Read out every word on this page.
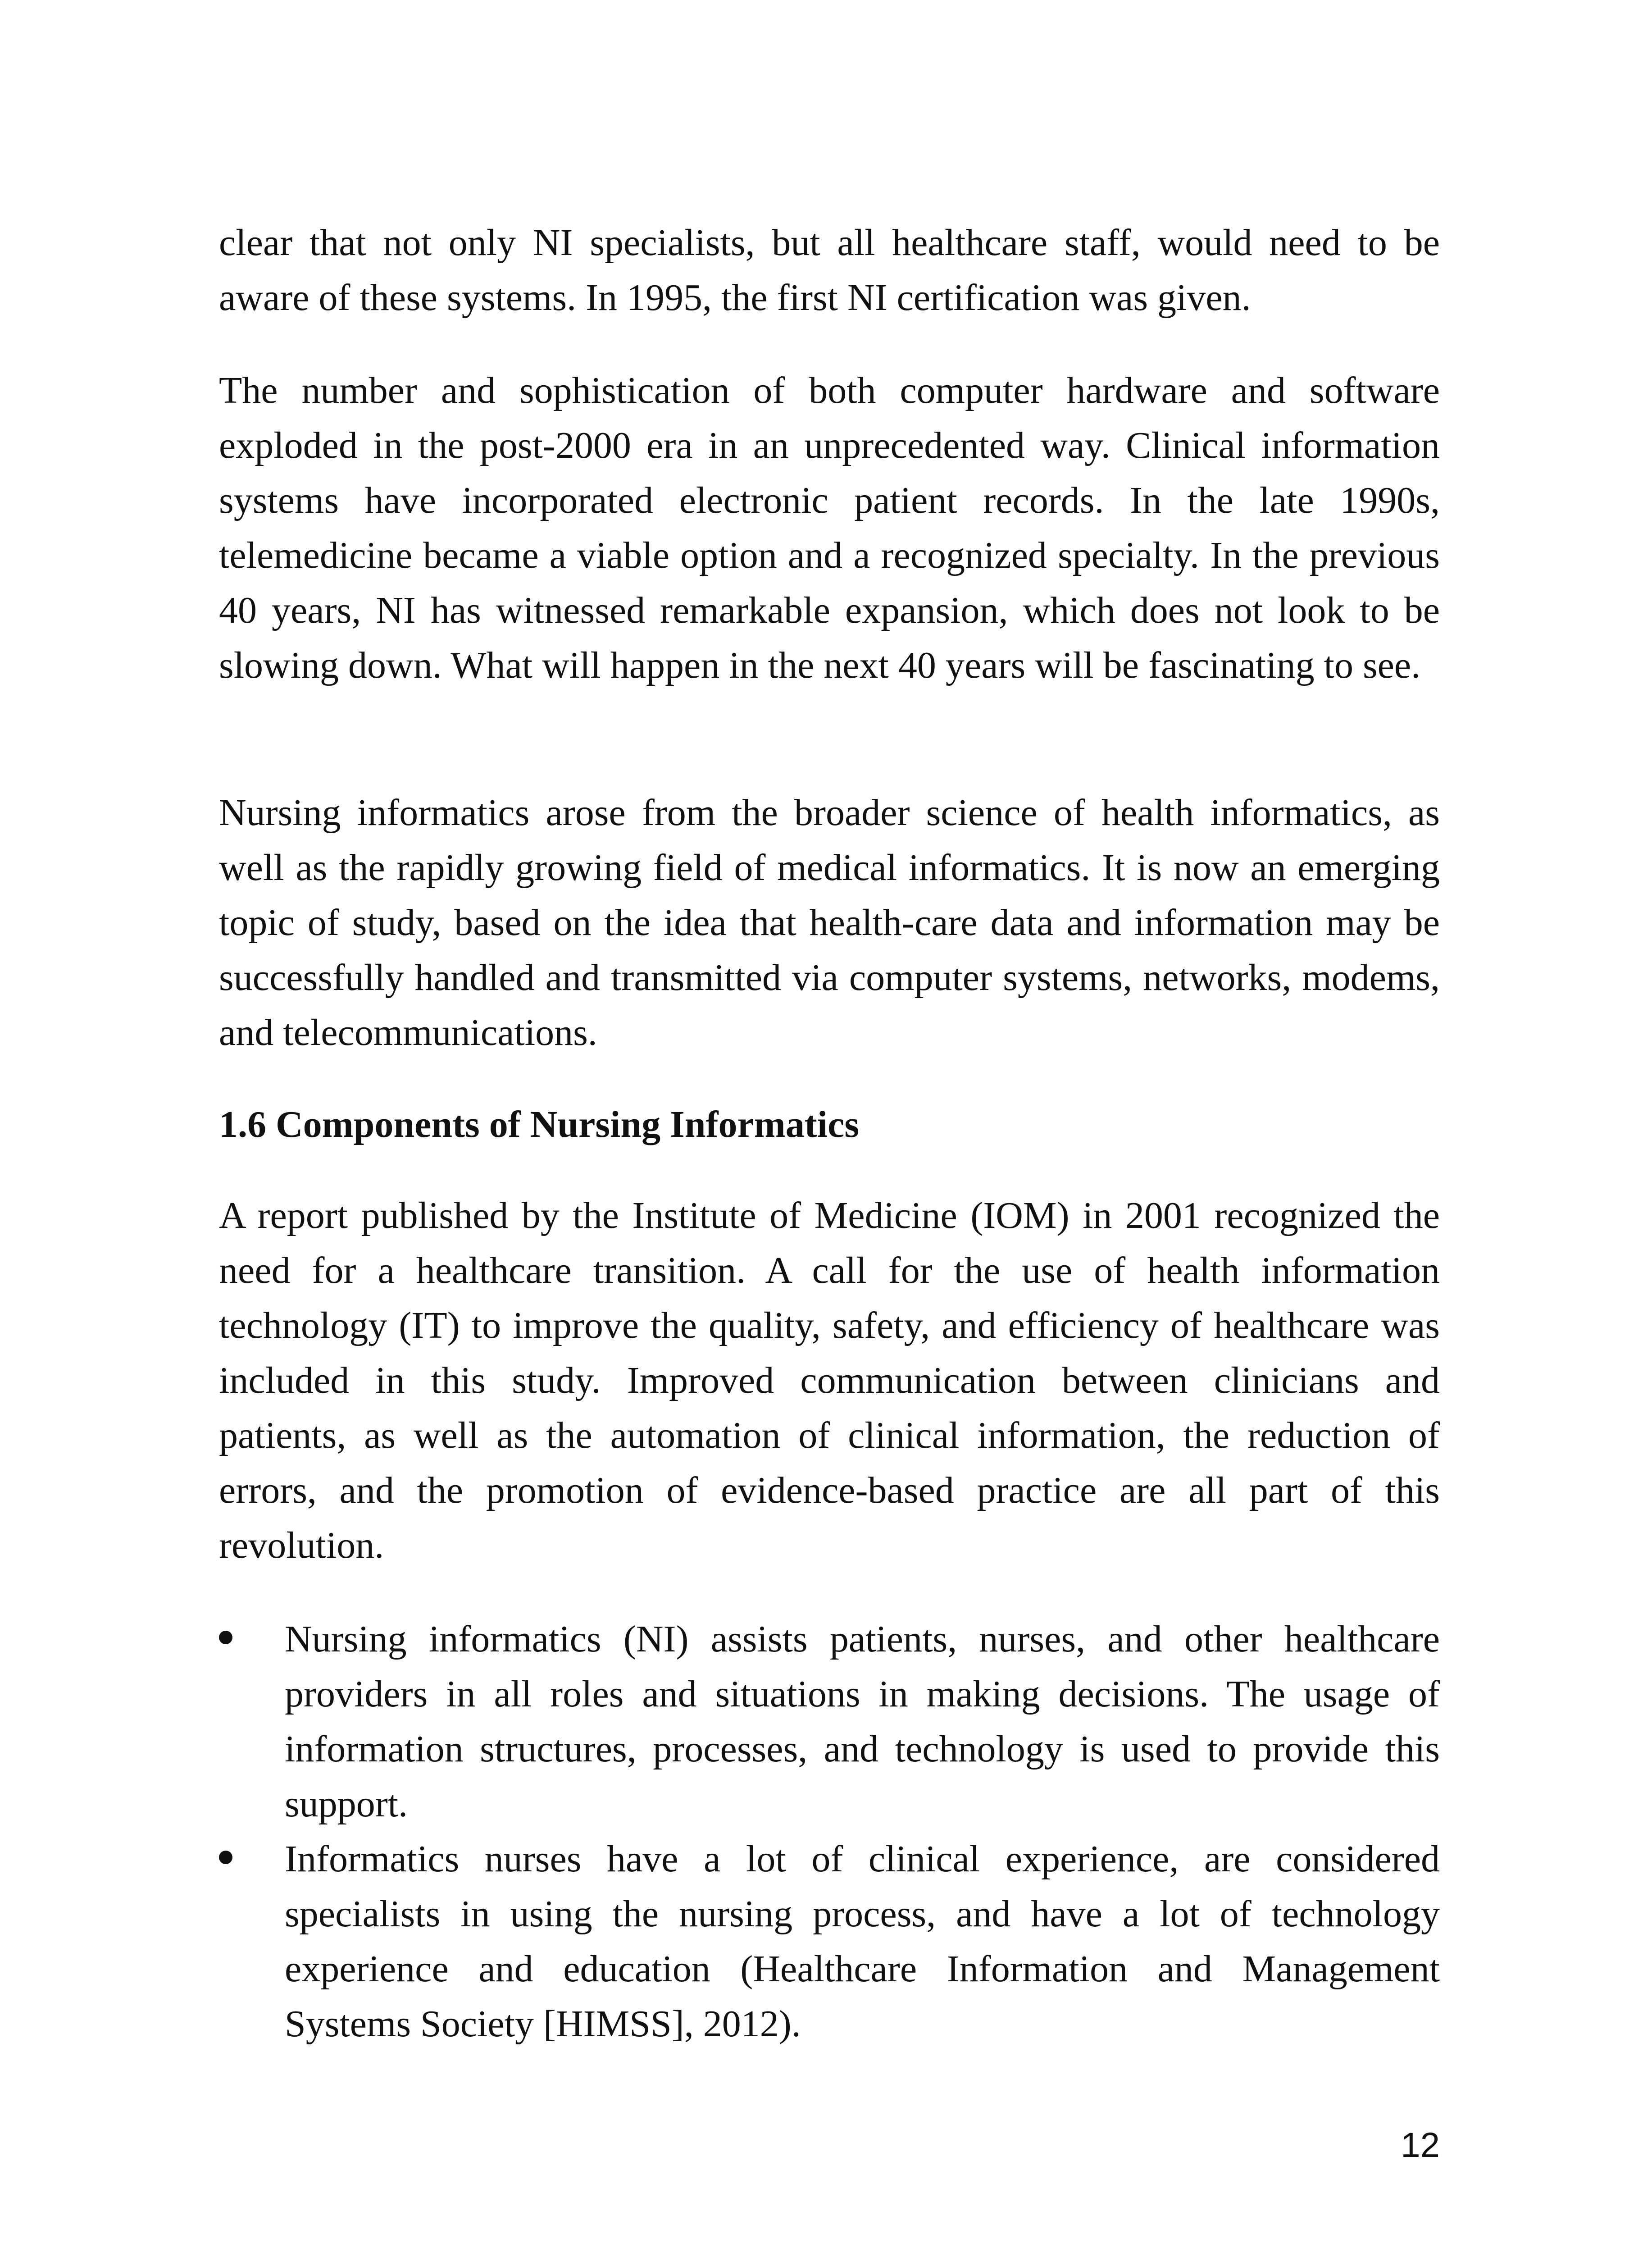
clear that not only NI specialists, but all healthcare staff, would need to be aware of these systems. In 1995, the first NI certification was given.

The number and sophistication of both computer hardware and software exploded in the post-2000 era in an unprecedented way. Clinical information systems have incorporated electronic patient records. In the late 1990s, telemedicine became a viable option and a recognized specialty. In the previous 40 years, NI has witnessed remarkable expansion, which does not look to be slowing down. What will happen in the next 40 years will be fascinating to see.

Nursing informatics arose from the broader science of health informatics, as well as the rapidly growing field of medical informatics. It is now an emerging topic of study, based on the idea that health-care data and information may be successfully handled and transmitted via computer systems, networks, modems, and telecommunications.

1.6 Components of Nursing Informatics

A report published by the Institute of Medicine (IOM) in 2001 recognized the need for a healthcare transition. A call for the use of health information technology (IT) to improve the quality, safety, and efficiency of healthcare was included in this study. Improved communication between clinicians and patients, as well as the automation of clinical information, the reduction of errors, and the promotion of evidence-based practice are all part of this revolution.

Nursing informatics (NI) assists patients, nurses, and other healthcare providers in all roles and situations in making decisions. The usage of information structures, processes, and technology is used to provide this support.
Informatics nurses have a lot of clinical experience, are considered specialists in using the nursing process, and have a lot of technology experience and education (Healthcare Information and Management Systems Society [HIMSS], 2012).
12
